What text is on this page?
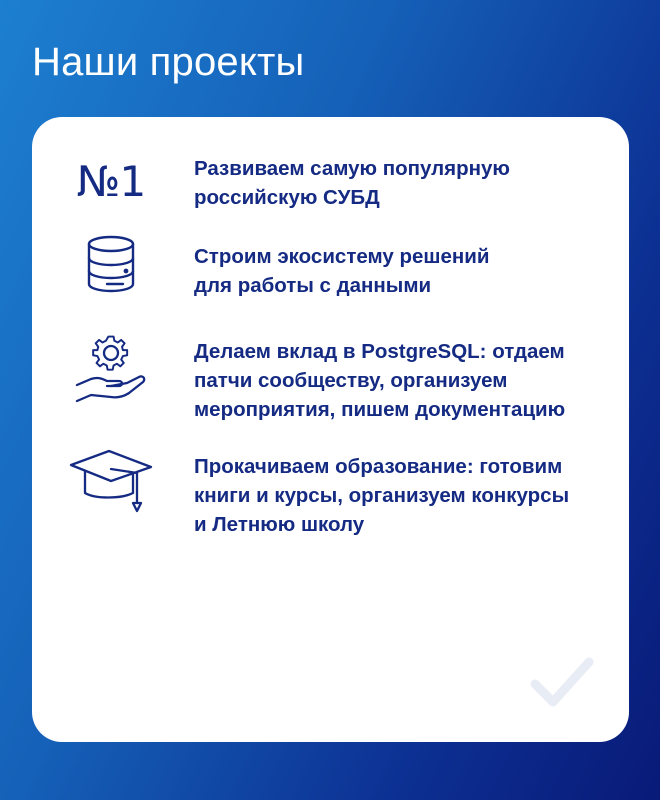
Наши проекты
№1 Развиваем самую популярную
российскую СУБД
Строим экосистему решений
для работы с данными
Делаем вклад в PostgreSQL: отдаем
патчи сообществу, организуем
мероприятия, пишем документацию
Прокачиваем образование: готовим
книги и курсы, организуем конкурсы
и Летнюю школу
